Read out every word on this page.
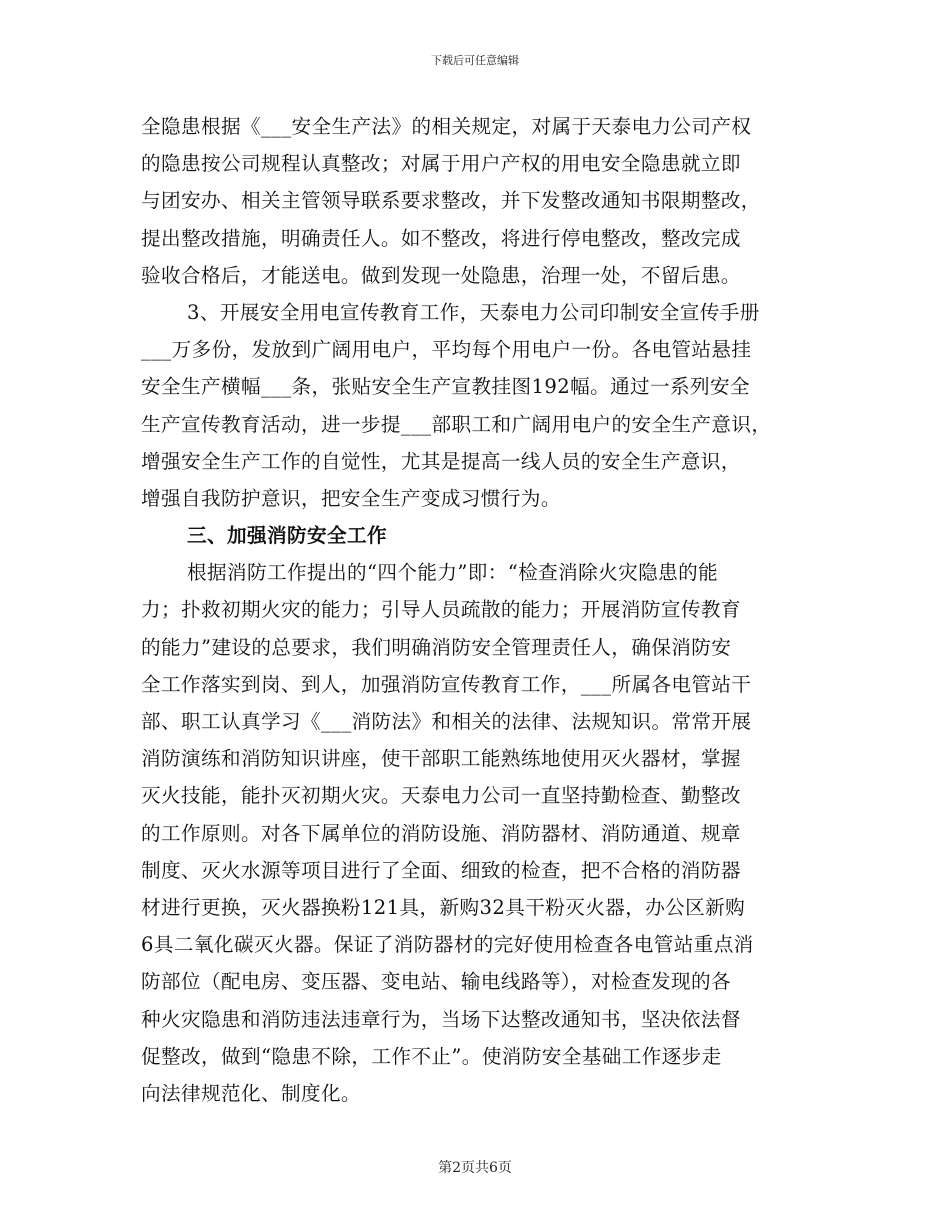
下载后可任意编辑
全隐患根据《___安全生产法》的相关规定，对属于天泰电力公司产权
的隐患按公司规程认真整改；对属于用户产权的用电安全隐患就立即
与团安办、相关主管领导联系要求整改，并下发整改通知书限期整改，
提出整改措施，明确责任人。如不整改，将进行停电整改，整改完成
验收合格后，才能送电。做到发现一处隐患，治理一处，不留后患。
3、开展安全用电宣传教育工作，天泰电力公司印制安全宣传手册
___万多份，发放到广阔用电户，平均每个用电户一份。各电管站悬挂
安全生产横幅___条，张贴安全生产宣教挂图192幅。通过一系列安全
生产宣传教育活动，进一步提___部职工和广阔用电户的安全生产意识，
增强安全生产工作的自觉性，尤其是提高一线人员的安全生产意识，
增强自我防护意识，把安全生产变成习惯行为。
三、加强消防安全工作
根据消防工作提出的“四个能力”即：“检查消除火灾隐患的能
力；扑救初期火灾的能力；引导人员疏散的能力；开展消防宣传教育
的能力”建设的总要求，我们明确消防安全管理责任人，确保消防安
全工作落实到岗、到人，加强消防宣传教育工作，___所属各电管站干
部、职工认真学习《___消防法》和相关的法律、法规知识。常常开展
消防演练和消防知识讲座，使干部职工能熟练地使用灭火器材，掌握
灭火技能，能扑灭初期火灾。天泰电力公司一直坚持勤检查、勤整改
的工作原则。对各下属单位的消防设施、消防器材、消防通道、规章
制度、灭火水源等项目进行了全面、细致的检查，把不合格的消防器
材进行更换，灭火器换粉121具，新购32具干粉灭火器，办公区新购
6具二氧化碳灭火器。保证了消防器材的完好使用检查各电管站重点消
防部位（配电房、变压器、变电站、输电线路等），对检查发现的各
种火灾隐患和消防违法违章行为，当场下达整改通知书，坚决依法督
促整改，做到“隐患不除，工作不止”。使消防安全基础工作逐步走
向法律规范化、制度化。
第2页共6页
